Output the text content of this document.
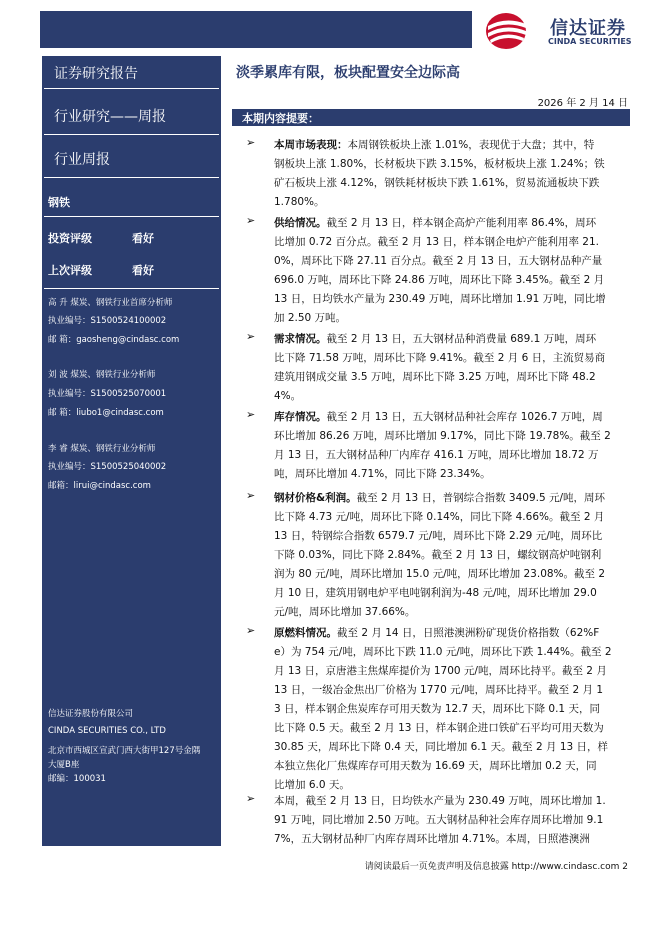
信达证券
CINDA SECURITIES
证券研究报告
行业研究——周报
行业周报
钢铁
投资评级	看好
上次评级	看好
高 升 煤炭、钢铁行业首席分析师
执业编号：S1500524100002
邮 箱：gaosheng@cindasc.com
刘 波 煤炭、钢铁行业分析师
执业编号：S1500525070001
邮 箱：liubo1@cindasc.com
李 睿 煤炭、钢铁行业分析师
执业编号：S1500525040002
邮箱：lirui@cindasc.com
信达证券股份有限公司
CINDA SECURITIES CO., LTD
北京市西城区宣武门西大街甲127号金隅
大厦B座
邮编：100031
淡季累库有限，板块配置安全边际高
2026 年 2 月 14 日
本期内容提要：
➢ 本周市场表现：本周钢铁板块上涨 1.01%，表现优于大盘；其中，特
钢板块上涨 1.80%，长材板块下跌 3.15%，板材板块上涨 1.24%；铁
矿石板块上涨 4.12%，钢铁耗材板块下跌 1.61%，贸易流通板块下跌
1.780%。
➢ 供给情况。截至 2 月 13 日，样本钢企高炉产能利用率 86.4%，周环
比增加 0.72 百分点。截至 2 月 13 日，样本钢企电炉产能利用率 21.
0%，周环比下降 27.11 百分点。截至 2 月 13 日，五大钢材品种产量
696.0 万吨，周环比下降 24.86 万吨，周环比下降 3.45%。截至 2 月
13 日，日均铁水产量为 230.49 万吨，周环比增加 1.91 万吨，同比增
加 2.50 万吨。
➢ 需求情况。截至 2 月 13 日，五大钢材品种消费量 689.1 万吨，周环
比下降 71.58 万吨，周环比下降 9.41%。截至 2 月 6 日，主流贸易商
建筑用钢成交量 3.5 万吨，周环比下降 3.25 万吨，周环比下降 48.2
4%。
➢ 库存情况。截至 2 月 13 日，五大钢材品种社会库存 1026.7 万吨，周
环比增加 86.26 万吨，周环比增加 9.17%，同比下降 19.78%。截至 2
月 13 日，五大钢材品种厂内库存 416.1 万吨，周环比增加 18.72 万
吨，周环比增加 4.71%，同比下降 23.34%。
➢ 钢材价格&利润。截至 2 月 13 日，普钢综合指数 3409.5 元/吨，周环
比下降 4.73 元/吨，周环比下降 0.14%，同比下降 4.66%。截至 2 月
13 日，特钢综合指数 6579.7 元/吨，周环比下降 2.29 元/吨，周环比
下降 0.03%，同比下降 2.84%。截至 2 月 13 日，螺纹钢高炉吨钢利
润为 80 元/吨，周环比增加 15.0 元/吨，周环比增加 23.08%。截至 2
月 10 日，建筑用钢电炉平电吨钢利润为-48 元/吨，周环比增加 29.0
元/吨，周环比增加 37.66%。
➢ 原燃料情况。截至 2 月 14 日，日照港澳洲粉矿现货价格指数（62%F
e）为 754 元/吨，周环比下跌 11.0 元/吨，周环比下跌 1.44%。截至 2
月 13 日，京唐港主焦煤库提价为 1700 元/吨，周环比持平。截至 2 月
13 日，一级冶金焦出厂价格为 1770 元/吨，周环比持平。截至 2 月 1
3 日，样本钢企焦炭库存可用天数为 12.7 天，周环比下降 0.1 天，同
比下降 0.5 天。截至 2 月 13 日，样本钢企进口铁矿石平均可用天数为
30.85 天，周环比下降 0.4 天，同比增加 6.1 天。截至 2 月 13 日，样
本独立焦化厂焦煤库存可用天数为 16.69 天，周环比增加 0.2 天，同
比增加 6.0 天。
➢ 本周，截至 2 月 13 日，日均铁水产量为 230.49 万吨，周环比增加 1.
91 万吨，同比增加 2.50 万吨。五大钢材品种社会库存周环比增加 9.1
7%，五大钢材品种厂内库存周环比增加 4.71%。本周，日照港澳洲
请阅读最后一页免责声明及信息披露 http://www.cindasc.com 2
